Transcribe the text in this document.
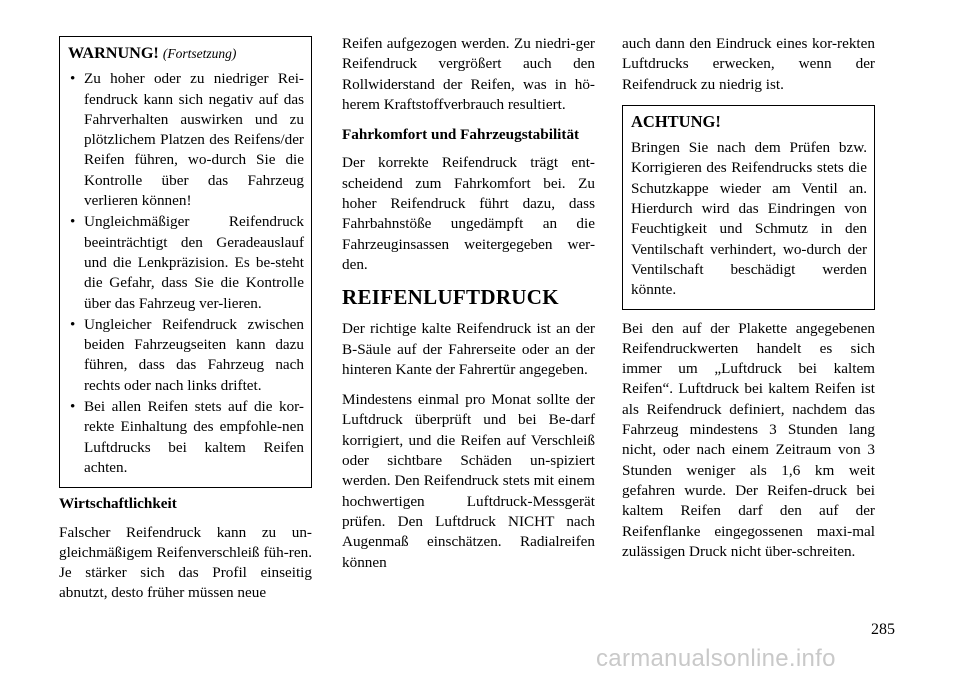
WARNUNG! (Fortsetzung)
• Zu hoher oder zu niedriger Rei-fendruck kann sich negativ auf das Fahrverhalten auswirken und zu plötzlichem Platzen des Reifens/der Reifen führen, wo-durch Sie die Kontrolle über das Fahrzeug verlieren können!
• Ungleichmäßiger Reifendruck beeinträchtigt den Geradeauslauf und die Lenkpräzision. Es be-steht die Gefahr, dass Sie die Kontrolle über das Fahrzeug ver-lieren.
• Ungleicher Reifendruck zwischen beiden Fahrzeugseiten kann dazu führen, dass das Fahrzeug nach rechts oder nach links driftet.
• Bei allen Reifen stets auf die kor-rekte Einhaltung des empfohle-nen Luftdrucks bei kaltem Reifen achten.
Wirtschaftlichkeit

Falscher Reifendruck kann zu un-gleichmäßigem Reifenverschleiß füh-ren. Je stärker sich das Profil einseitig abnutzt, desto früher müssen neue

Reifen aufgezogen werden. Zu niedri-ger Reifendruck vergrößert auch den Rollwiderstand der Reifen, was in hö-herem Kraftstoffverbrauch resultiert.

Fahrkomfort und Fahrzeugstabilität

Der korrekte Reifendruck trägt ent-scheidend zum Fahrkomfort bei. Zu hoher Reifendruck führt dazu, dass Fahrbahnstöße ungedämpft an die Fahrzeuginsassen weitergegeben wer-den.

REIFENLUFTDRUCK

Der richtige kalte Reifendruck ist an der B-Säule auf der Fahrerseite oder an der hinteren Kante der Fahrertür angegeben.

Mindestens einmal pro Monat sollte der Luftdruck überprüft und bei Be-darf korrigiert, und die Reifen auf Verschleiß oder sichtbare Schäden un-spiziert werden. Den Reifendruck stets mit einem hochwertigen Luftdruck-Messgerät prüfen. Den Luftdruck NICHT nach Augenmaß einschätzen. Radialreifen können

auch dann den Eindruck eines kor-rekten Luftdrucks erwecken, wenn der Reifendruck zu niedrig ist.

ACHTUNG!

Bringen Sie nach dem Prüfen bzw. Korrigieren des Reifendrucks stets die Schutzkappe wieder am Ventil an. Hierdurch wird das Eindringen von Feuchtigkeit und Schmutz in den Ventilschaft verhindert, wo-durch der Ventilschaft beschädigt werden könnte.

Bei den auf der Plakette angegebenen Reifendruckwerten handelt es sich immer um „Luftdruck bei kaltem Reifen“. Luftdruck bei kaltem Reifen ist als Reifendruck definiert, nachdem das Fahrzeug mindestens 3 Stunden lang nicht, oder nach einem Zeitraum von 3 Stunden weniger als 1,6 km weit gefahren wurde. Der Reifen-druck bei kaltem Reifen darf den auf der Reifenflanke eingegossenen maxi-mal zulässigen Druck nicht über-schreiten.

285
carmanualsonline.info
